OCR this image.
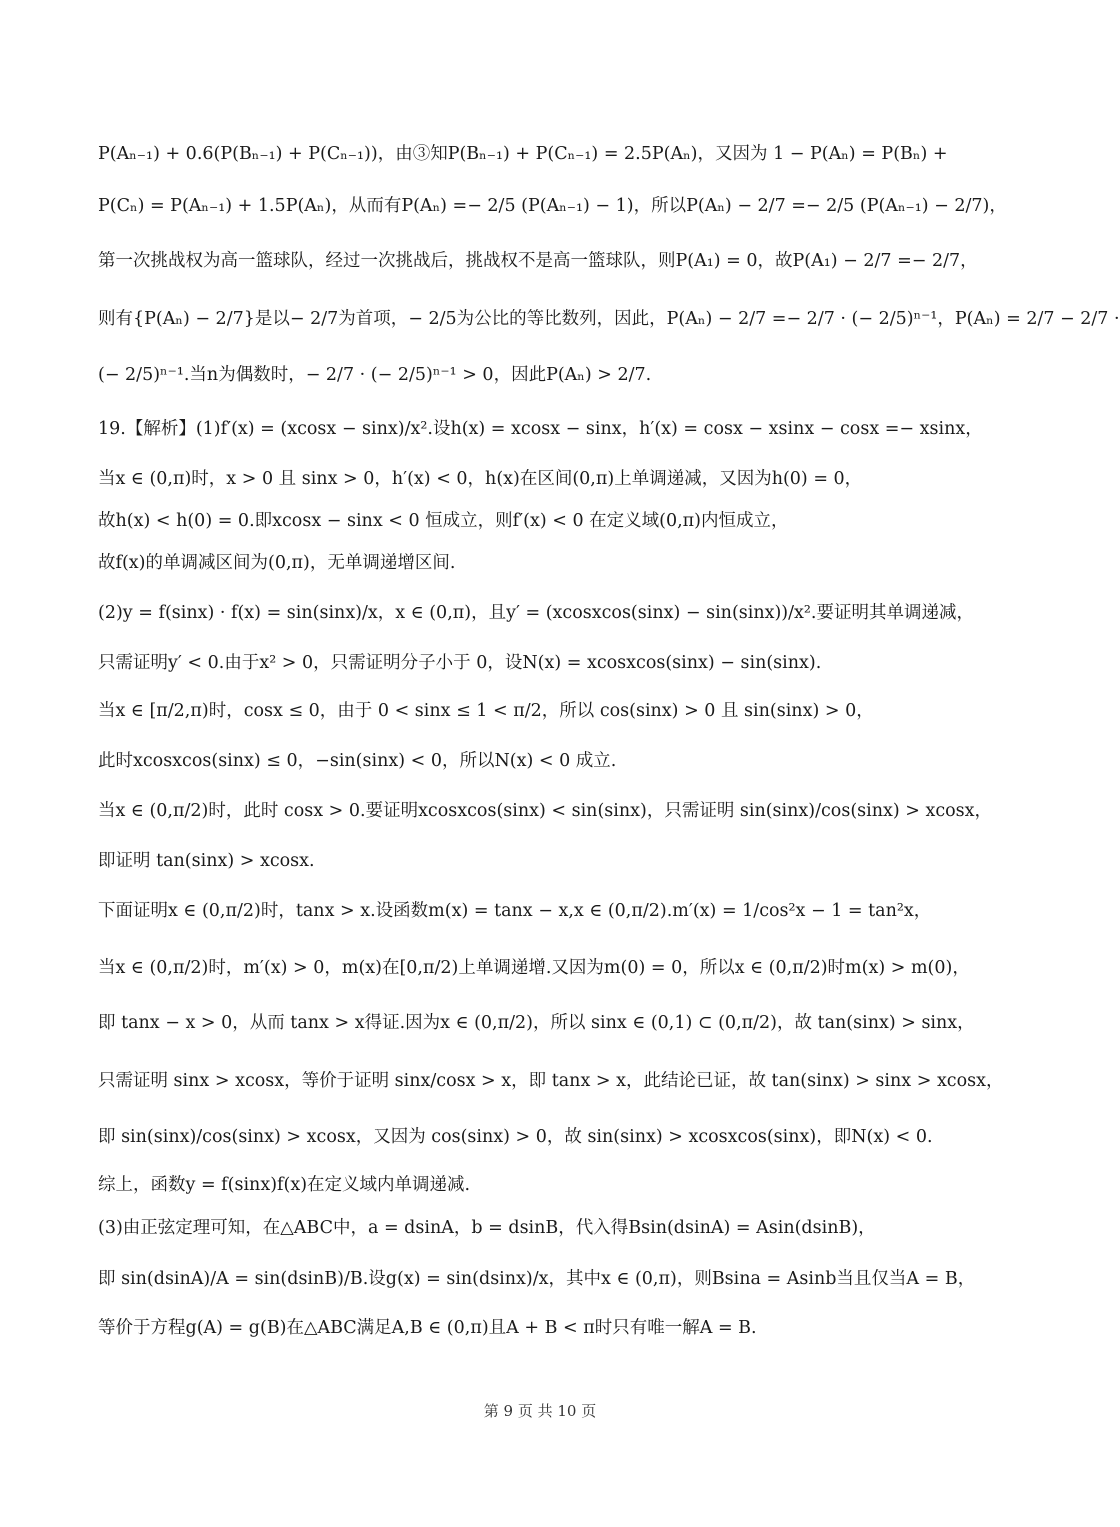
P(Aₙ₋₁) + 0.6(P(Bₙ₋₁) + P(Cₙ₋₁))，由③知P(Bₙ₋₁) + P(Cₙ₋₁) = 2.5P(Aₙ)，又因为 1 − P(Aₙ) = P(Bₙ) +
P(Cₙ) = P(Aₙ₋₁) + 1.5P(Aₙ)，从而有P(Aₙ) =− 2/5 (P(Aₙ₋₁) − 1)，所以P(Aₙ) − 2/7 =− 2/5 (P(Aₙ₋₁) − 2/7)，
第一次挑战权为高一篮球队，经过一次挑战后，挑战权不是高一篮球队，则P(A₁) = 0，故P(A₁) − 2/7 =− 2/7，
则有{P(Aₙ) − 2/7}是以− 2/7为首项，− 2/5为公比的等比数列，因此，P(Aₙ) − 2/7 =− 2/7 · (− 2/5)ⁿ⁻¹，P(Aₙ) = 2/7 − 2/7 ·
(− 2/5)ⁿ⁻¹.当n为偶数时，− 2/7 · (− 2/5)ⁿ⁻¹ > 0，因此P(Aₙ) > 2/7.
19.【解析】(1)f′(x) = (xcosx − sinx)/x².设h(x) = xcosx − sinx，h′(x) = cosx − xsinx − cosx =− xsinx，
当x ∈ (0,π)时，x > 0 且 sinx > 0，h′(x) < 0，h(x)在区间(0,π)上单调递减，又因为h(0) = 0，
故h(x) < h(0) = 0.即xcosx − sinx < 0 恒成立，则f′(x) < 0 在定义域(0,π)内恒成立，
故f(x)的单调减区间为(0,π)，无单调递增区间.
(2)y = f(sinx) · f(x) = sin(sinx)/x，x ∈ (0,π)，且y′ = (xcosxcos(sinx) − sin(sinx))/x².要证明其单调递减，
只需证明y′ < 0.由于x² > 0，只需证明分子小于 0，设N(x) = xcosxcos(sinx) − sin(sinx).
当x ∈ [π/2,π)时，cosx ≤ 0，由于 0 < sinx ≤ 1 < π/2，所以 cos(sinx) > 0 且 sin(sinx) > 0，
此时xcosxcos(sinx) ≤ 0，−sin(sinx) < 0，所以N(x) < 0 成立.
当x ∈ (0,π/2)时，此时 cosx > 0.要证明xcosxcos(sinx) < sin(sinx)，只需证明 sin(sinx)/cos(sinx) > xcosx，
即证明 tan(sinx) > xcosx.
下面证明x ∈ (0,π/2)时，tanx > x.设函数m(x) = tanx − x,x ∈ (0,π/2).m′(x) = 1/cos²x − 1 = tan²x，
当x ∈ (0,π/2)时，m′(x) > 0，m(x)在[0,π/2)上单调递增.又因为m(0) = 0，所以x ∈ (0,π/2)时m(x) > m(0)，
即 tanx − x > 0，从而 tanx > x得证.因为x ∈ (0,π/2)，所以 sinx ∈ (0,1) ⊂ (0,π/2)，故 tan(sinx) > sinx，
只需证明 sinx > xcosx，等价于证明 sinx/cosx > x，即 tanx > x，此结论已证，故 tan(sinx) > sinx > xcosx，
即 sin(sinx)/cos(sinx) > xcosx，又因为 cos(sinx) > 0，故 sin(sinx) > xcosxcos(sinx)，即N(x) < 0.
综上，函数y = f(sinx)f(x)在定义域内单调递减.
(3)由正弦定理可知，在△ABC中，a = dsinA，b = dsinB，代入得Bsin(dsinA) = Asin(dsinB)，
即 sin(dsinA)/A = sin(dsinB)/B.设g(x) = sin(dsinx)/x，其中x ∈ (0,π)，则Bsina = Asinb当且仅当A = B，
等价于方程g(A) = g(B)在△ABC满足A,B ∈ (0,π)且A + B < π时只有唯一解A = B.
第 9 页 共 10 页
